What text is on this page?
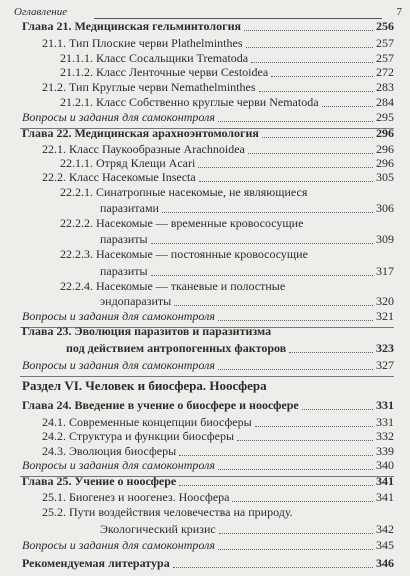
Оглавление	7
Глава 21. Медицинская гельминтология	256
21.1. Тип Плоские черви Plathelminthes	257
21.1.1. Класс Сосальщики Trematoda	257
21.1.2. Класс Ленточные черви Cestoidea	272
21.2. Тип Круглые черви Nemathelminthes	283
21.2.1. Класс Собственно круглые черви Nematoda	284
Вопросы и задания для самоконтроля	295
Глава 22. Медицинская арахноэнтомология	296
22.1. Класс Паукообразные Arachnoidea	296
22.1.1. Отряд Клещи Acari	296
22.2. Класс Насекомые Insecta	305
22.2.1. Синатропные насекомые, не являющиеся
паразитами	306
22.2.2. Насекомые — временные кровососущие
паразиты	309
22.2.3. Насекомые — постоянные кровососущие
паразиты	317
22.2.4. Насекомые — тканевые и полостные
эндопаразиты	320
Вопросы и задания для самоконтроля	321
Глава 23. Эволюция паразитов и паразитизма
под действием антропогенных факторов	323
Вопросы и задания для самоконтроля	327
Раздел VI. Человек и биосфера. Ноосфера
Глава 24. Введение в учение о биосфере и ноосфере	331
24.1. Современные концепции биосферы	331
24.2. Структура и функции биосферы	332
24.3. Эволюция биосферы	339
Вопросы и задания для самоконтроля	340
Глава 25. Учение о ноосфере	341
25.1. Биогенез и ноогенез. Ноосфера	341
25.2. Пути воздействия человечества на природу.
Экологический кризис	342
Вопросы и задания для самоконтроля	345
Рекомендуемая литература	346
